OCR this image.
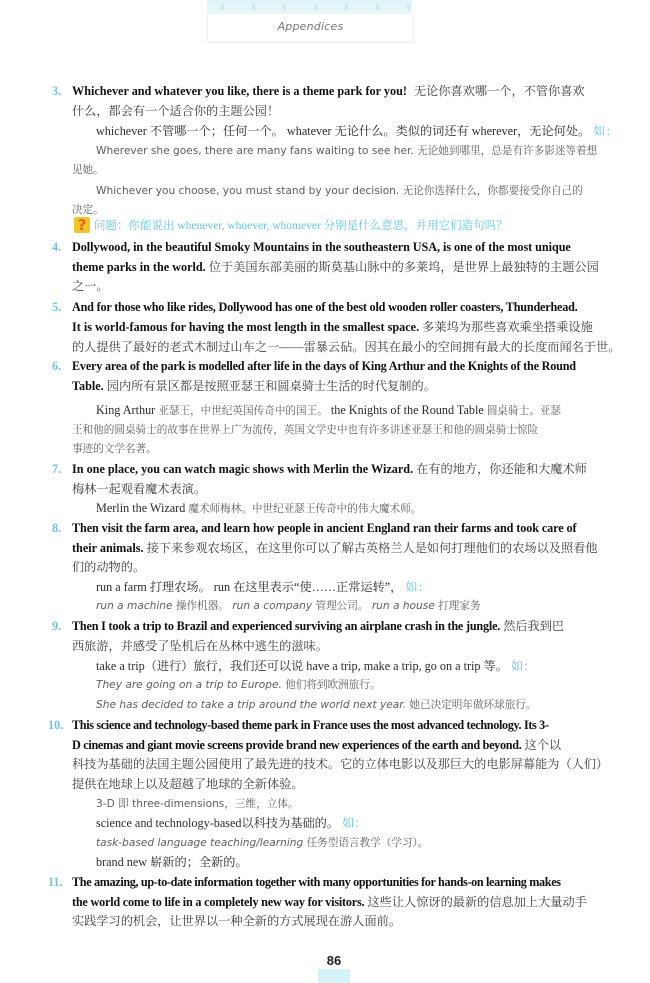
Appendices
3. Whichever and whatever you like, there is a theme park for you! 无论你喜欢哪一个，不管你喜欢
什么，都会有一个适合你的主题公园！
whichever 不管哪一个；任何一个。 whatever 无论什么。类似的词还有 wherever，无论何处。 如：
Wherever she goes, there are many fans waiting to see her. 无论她到哪里，总是有许多影迷等着想
见她。
Whichever you choose, you must stand by your decision. 无论你选择什么，你都要接受你自己的
决定。
? 问题：你能说出 whenever, whoever, whomever 分别是什么意思，并用它们造句吗？
4. Dollywood, in the beautiful Smoky Mountains in the southeastern USA, is one of the most unique
theme parks in the world. 位于美国东部美丽的斯莫基山脉中的多莱坞，是世界上最独特的主题公园
之一。
5. And for those who like rides, Dollywood has one of the best old wooden roller coasters, Thunderhead.
It is world-famous for having the most length in the smallest space. 多莱坞为那些喜欢乘坐搭乘设施
的人提供了最好的老式木制过山车之一——雷暴云砧。因其在最小的空间拥有最大的长度而闻名于世。
6. Every area of the park is modelled after life in the days of King Arthur and the Knights of the Round
Table. 园内所有景区都是按照亚瑟王和圆桌骑士生活的时代复制的。
King Arthur 亚瑟王，中世纪英国传奇中的国王。 the Knights of the Round Table 圆桌骑士。亚瑟
王和他的圆桌骑士的故事在世界上广为流传，英国文学史中也有许多讲述亚瑟王和他的圆桌骑士惊险
事迹的文学名著。
7. In one place, you can watch magic shows with Merlin the Wizard. 在有的地方，你还能和大魔术师
梅林一起观看魔术表演。
Merlin the Wizard 魔术师梅林。中世纪亚瑟王传奇中的伟大魔术师。
8. Then visit the farm area, and learn how people in ancient England ran their farms and took care of
their animals. 接下来参观农场区，在这里你可以了解古英格兰人是如何打理他们的农场以及照看他
们的动物的。
run a farm 打理农场。 run 在这里表示“使……正常运转”， 如：
run a machine 操作机器。 run a company 管理公司。 run a house 打理家务
9. Then I took a trip to Brazil and experienced surviving an airplane crash in the jungle. 然后我到巴
西旅游，并感受了坠机后在丛林中逃生的滋味。
take a trip（进行）旅行，我们还可以说 have a trip, make a trip, go on a trip 等。 如：
They are going on a trip to Europe. 他们将到欧洲旅行。
She has decided to take a trip around the world next year. 她已决定明年做环球旅行。
10. This science and technology-based theme park in France uses the most advanced technology. Its 3-
D cinemas and giant movie screens provide brand new experiences of the earth and beyond. 这个以
科技为基础的法国主题公园使用了最先进的技术。它的立体电影以及那巨大的电影屏幕能为（人们）
提供在地球上以及超越了地球的全新体验。
3-D 即 three-dimensions，三维，立体。
science and technology-based以科技为基础的。 如：
task-based language teaching/learning 任务型语言教学（学习）。
brand new 崭新的；全新的。
11. The amazing, up-to-date information together with many opportunities for hands-on learning makes
the world come to life in a completely new way for visitors. 这些让人惊讶的最新的信息加上大量动手
实践学习的机会，让世界以一种全新的方式展现在游人面前。
86
